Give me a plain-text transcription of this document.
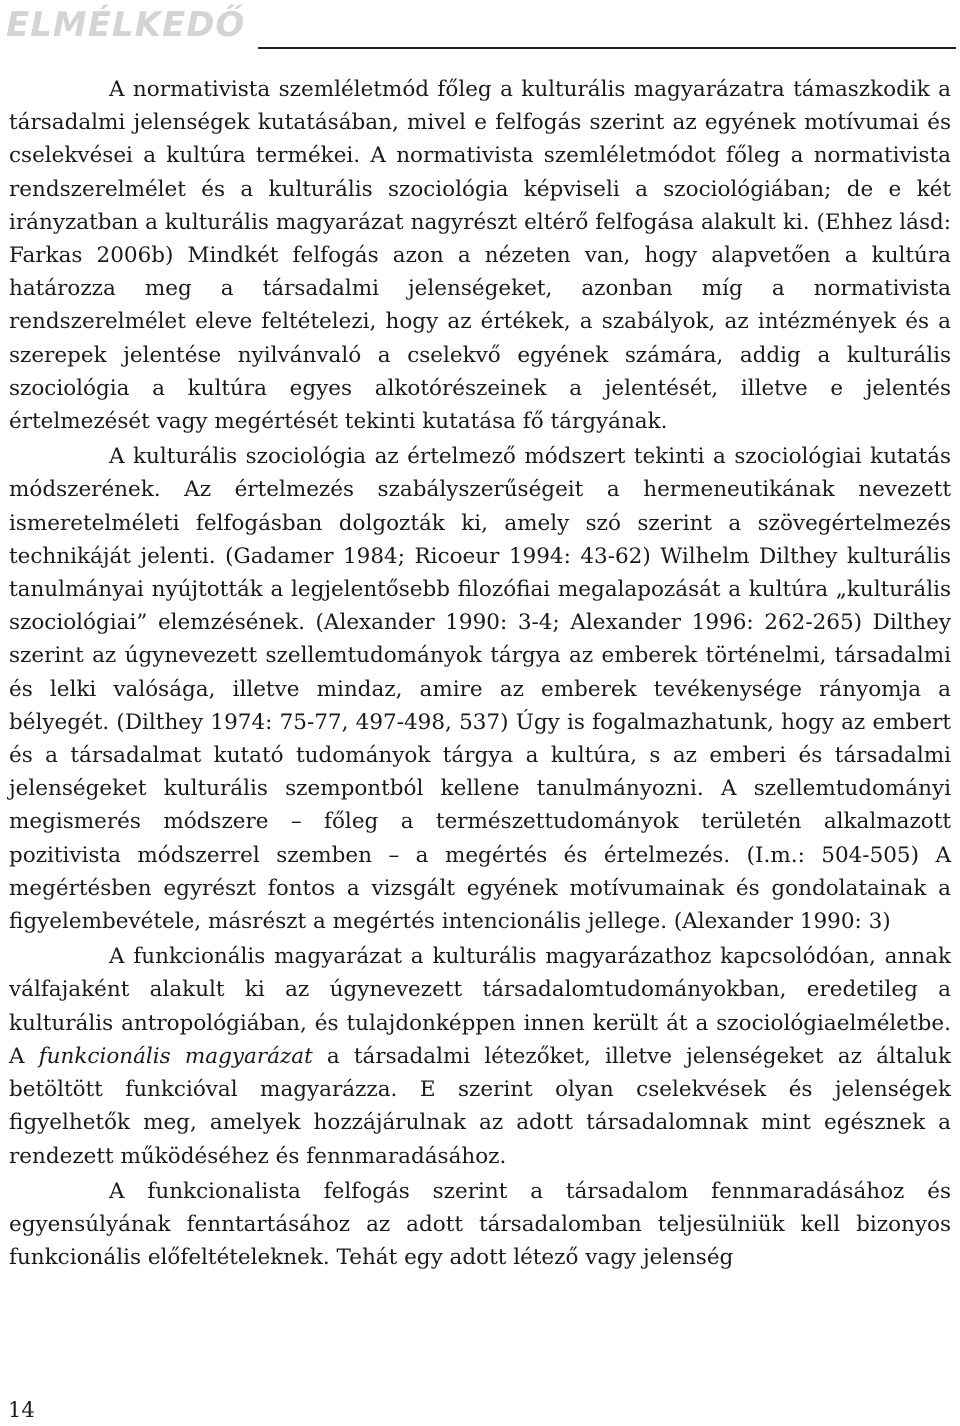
ELMÉLKEDŐ

A normativista szemléletmód főleg a kulturális magyarázatra támaszkodik a társadalmi jelenségek kutatásában, mivel e felfogás szerint az egyének motívumai és cselekvései a kultúra termékei. A normativista szemléletmódot főleg a normativista rendszerelmélet és a kulturális szociológia képviseli a szociológiában; de e két irányzatban a kulturális magyarázat nagyrészt eltérő felfogása alakult ki. (Ehhez lásd: Farkas 2006b) Mindkét felfogás azon a nézeten van, hogy alapvetően a kultúra határozza meg a társadalmi jelenségeket, azonban míg a normativista rendszerelmélet eleve feltételezi, hogy az értékek, a szabályok, az intézmények és a szerepek jelentése nyilvánvaló a cselekvő egyének számára, addig a kulturális szociológia a kultúra egyes alkotórészeinek a jelentését, illetve e jelentés értelmezését vagy megértését tekinti kutatása fő tárgyának.

A kulturális szociológia az értelmező módszert tekinti a szociológiai kutatás módszerének. Az értelmezés szabályszerűségeit a hermeneutikának nevezett ismeretelméleti felfogásban dolgozták ki, amely szó szerint a szövegértelmezés technikáját jelenti. (Gadamer 1984; Ricoeur 1994: 43-62) Wilhelm Dilthey kulturális tanulmányai nyújtották a legjelentősebb filozófiai megalapozását a kultúra „kulturális szociológiai” elemzésének. (Alexander 1990: 3-4; Alexander 1996: 262-265) Dilthey szerint az úgynevezett szellemtudományok tárgya az emberek történelmi, társadalmi és lelki valósága, illetve mindaz, amire az emberek tevékenysége rányomja a bélyegét. (Dilthey 1974: 75-77, 497-498, 537) Úgy is fogalmazhatunk, hogy az embert és a társadalmat kutató tudományok tárgya a kultúra, s az emberi és társadalmi jelenségeket kulturális szempontból kellene tanulmányozni. A szellemtudományi megismerés módszere – főleg a természettudományok területén alkalmazott pozitivista módszerrel szemben – a megértés és értelmezés. (I.m.: 504-505) A megértésben egyrészt fontos a vizsgált egyének motívumainak és gondolatainak a figyelembevétele, másrészt a megértés intencionális jellege. (Alexander 1990: 3)

A funkcionális magyarázat a kulturális magyarázathoz kapcsolódóan, annak válfajaként alakult ki az úgynevezett társadalomtudományokban, eredetileg a kulturális antropológiában, és tulajdonképpen innen került át a szociológiaelméletbe. A funkcionális magyarázat a társadalmi létezőket, illetve jelenségeket az általuk betöltött funkcióval magyarázza. E szerint olyan cselekvések és jelenségek figyelhetők meg, amelyek hozzájárulnak az adott társadalomnak mint egésznek a rendezett működéséhez és fennmaradásához.

A funkcionalista felfogás szerint a társadalom fennmaradásához és egyensúlyának fenntartásához az adott társadalomban teljesülniük kell bizonyos funkcionális előfeltételeknek. Tehát egy adott létező vagy jelenség

14
